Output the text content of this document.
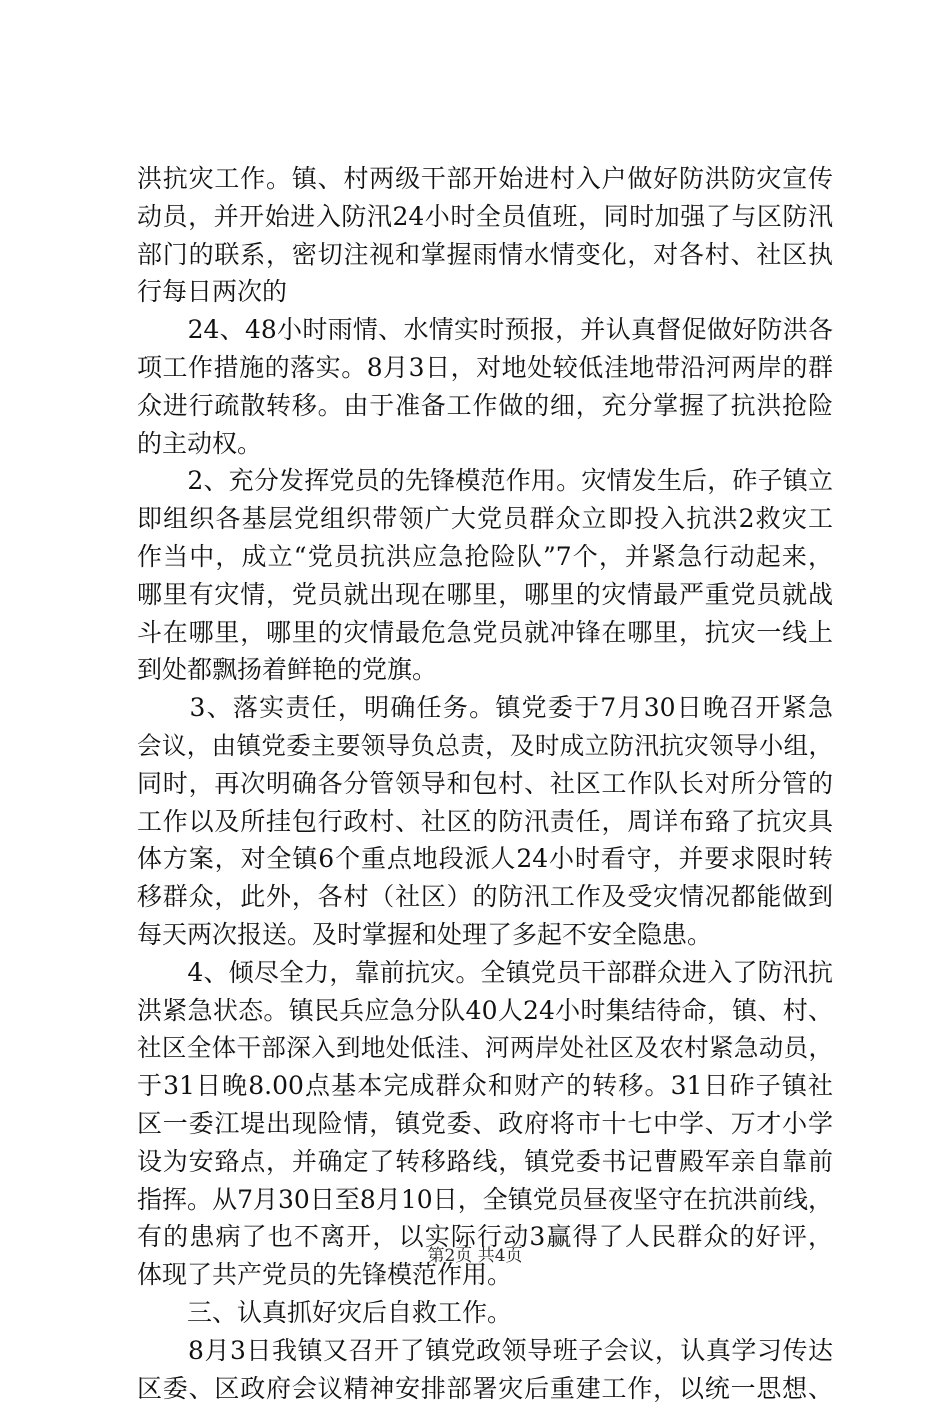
洪抗灾工作。镇、村两级干部开始进村入户做好防洪防灾宣传
动员，并开始进入防汛24小时全员值班，同时加强了与区防汛
部门的联系，密切注视和掌握雨情水情变化，对各村、社区执
行每日两次的
　　24、48小时雨情、水情实时预报，并认真督促做好防洪各
项工作措施的落实。8月3日，对地处较低洼地带沿河两岸的群
众进行疏散转移。由于准备工作做的细，充分掌握了抗洪抢险
的主动权。
　　2、充分发挥党员的先锋模范作用。灾情发生后，砟子镇立
即组织各基层党组织带领广大党员群众立即投入抗洪2救灾工
作当中，成立“党员抗洪应急抢险队”7个，并紧急行动起来，
哪里有灾情，党员就出现在哪里，哪里的灾情最严重党员就战
斗在哪里，哪里的灾情最危急党员就冲锋在哪里，抗灾一线上
到处都飘扬着鲜艳的党旗。
　　3、落实责任，明确任务。镇党委于7月30日晚召开紧急
会议，由镇党委主要领导负总责，及时成立防汛抗灾领导小组，
同时，再次明确各分管领导和包村、社区工作队长对所分管的
工作以及所挂包行政村、社区的防汛责任，周详布臵了抗灾具
体方案，对全镇6个重点地段派人24小时看守，并要求限时转
移群众，此外，各村（社区）的防汛工作及受灾情况都能做到
每天两次报送。及时掌握和处理了多起不安全隐患。
　　4、倾尽全力，靠前抗灾。全镇党员干部群众进入了防汛抗
洪紧急状态。镇民兵应急分队40人24小时集结待命，镇、村、
社区全体干部深入到地处低洼、河两岸处社区及农村紧急动员，
于31日晚8.00点基本完成群众和财产的转移。31日砟子镇社
区一委江堤出现险情，镇党委、政府将市十七中学、万才小学
设为安臵点，并确定了转移路线，镇党委书记曹殿军亲自靠前
指挥。从7月30日至8月10日，全镇党员昼夜坚守在抗洪前线，
有的患病了也不离开，以实际行动3赢得了人民群众的好评，
体现了共产党员的先锋模范作用。
　　三、认真抓好灾后自救工作。
　　8月3日我镇又召开了镇党政领导班子会议，认真学习传达
区委、区政府会议精神安排部署灾后重建工作，以统一思想、
第2页 共4页
